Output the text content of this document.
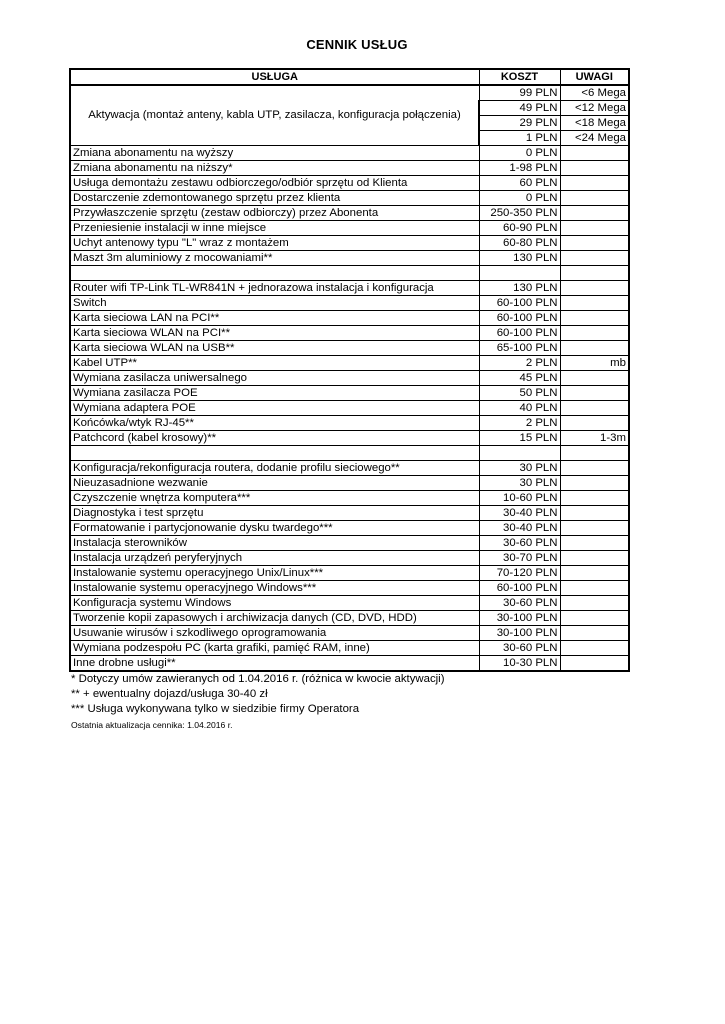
CENNIK USŁUG
USŁUGA	KOSZT	UWAGI
Aktywacja (montaż anteny, kabla UTP, zasilacza, konfiguracja połączenia)	99 PLN	<6 Mega
	49 PLN	<12 Mega
	29 PLN	<18 Mega
	1 PLN	<24 Mega
Zmiana abonamentu na wyższy	0 PLN	
Zmiana abonamentu na niższy*	1-98 PLN	
Usługa demontażu zestawu odbiorczego/odbiór sprzętu od Klienta	60 PLN	
Dostarczenie zdemontowanego sprzętu przez klienta	0 PLN	
Przywłaszczenie sprzętu (zestaw odbiorczy) przez Abonenta	250-350 PLN	
Przeniesienie instalacji w inne miejsce	60-90 PLN	
Uchyt antenowy typu "L" wraz z montażem	60-80 PLN	
Maszt 3m aluminiowy z mocowaniami**	130 PLN	

Router wifi TP-Link TL-WR841N + jednorazowa instalacja i konfiguracja	130 PLN	
Switch	60-100 PLN	
Karta sieciowa LAN na PCI**	60-100 PLN	
Karta sieciowa WLAN na PCI**	60-100 PLN	
Karta sieciowa WLAN na USB**	65-100 PLN	
Kabel UTP**	2 PLN	mb
Wymiana zasilacza uniwersalnego	45 PLN	
Wymiana zasilacza POE	50 PLN	
Wymiana adaptera POE	40 PLN	
Końcówka/wtyk RJ-45**	2 PLN	
Patchcord (kabel krosowy)**	15 PLN	1-3m

Konfiguracja/rekonfiguracja routera, dodanie profilu sieciowego**	30 PLN	
Nieuzasadnione wezwanie	30 PLN	
Czyszczenie wnętrza komputera***	10-60 PLN	
Diagnostyka i test sprzętu	30-40 PLN	
Formatowanie i partycjonowanie dysku twardego***	30-40 PLN	
Instalacja sterowników	30-60 PLN	
Instalacja urządzeń peryferyjnych	30-70 PLN	
Instalowanie systemu operacyjnego Unix/Linux***	70-120 PLN	
Instalowanie systemu operacyjnego Windows***	60-100 PLN	
Konfiguracja systemu Windows	30-60 PLN	
Tworzenie kopii zapasowych i archiwizacja danych (CD, DVD, HDD)	30-100 PLN	
Usuwanie wirusów i szkodliwego oprogramowania	30-100 PLN	
Wymiana podzespołu PC (karta grafiki, pamięć RAM, inne)	30-60 PLN	
Inne drobne usługi**	10-30 PLN	
* Dotyczy umów zawieranych od 1.04.2016 r. (różnica w kwocie aktywacji)
** + ewentualny dojazd/usługa 30-40 zł
*** Usługa wykonywana tylko w siedzibie firmy Operatora
Ostatnia aktualizacja cennika: 1.04.2016 r.
